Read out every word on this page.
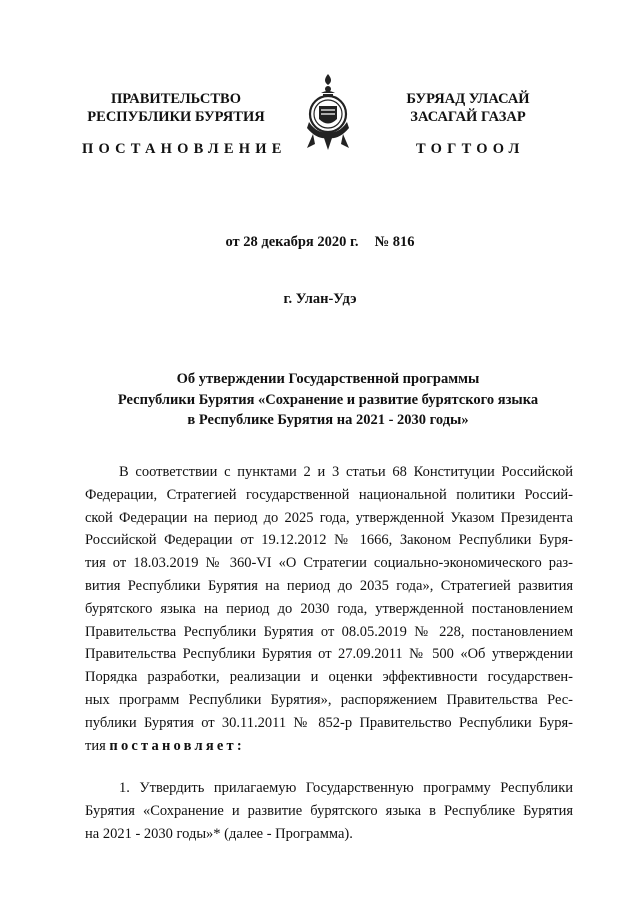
ПРАВИТЕЛЬСТВО
РЕСПУБЛИКИ БУРЯТИЯ
БУРЯАД УЛАСАЙ
ЗАСАГАЙ ГАЗАР
ПОСТАНОВЛЕНИЕ	ТОГТООЛ
от 28 декабря 2020 г. № 816
г. Улан-Удэ
Об утверждении Государственной программы
Республики Бурятия «Сохранение и развитие бурятского языка
в Республике Бурятия на 2021 - 2030 годы»
В соответствии с пунктами 2 и 3 статьи 68 Конституции Российской
Федерации, Стратегией государственной национальной политики Россий-
ской Федерации на период до 2025 года, утвержденной Указом Президента
Российской Федерации от 19.12.2012 № 1666, Законом Республики Буря-
тия от 18.03.2019 № 360-VI «О Стратегии социально-экономического раз-
вития Республики Бурятия на период до 2035 года», Стратегией развития
бурятского языка на период до 2030 года, утвержденной постановлением
Правительства Республики Бурятия от 08.05.2019 № 228, постановлением
Правительства Республики Бурятия от 27.09.2011 № 500 «Об утверждении
Порядка разработки, реализации и оценки эффективности государствен-
ных программ Республики Бурятия», распоряжением Правительства Рес-
публики Бурятия от 30.11.2011 № 852-р Правительство Республики Буря-
тия постановляет:
1. Утвердить прилагаемую Государственную программу Республики
Бурятия «Сохранение и развитие бурятского языка в Республике Бурятия
на 2021 - 2030 годы»* (далее - Программа).
